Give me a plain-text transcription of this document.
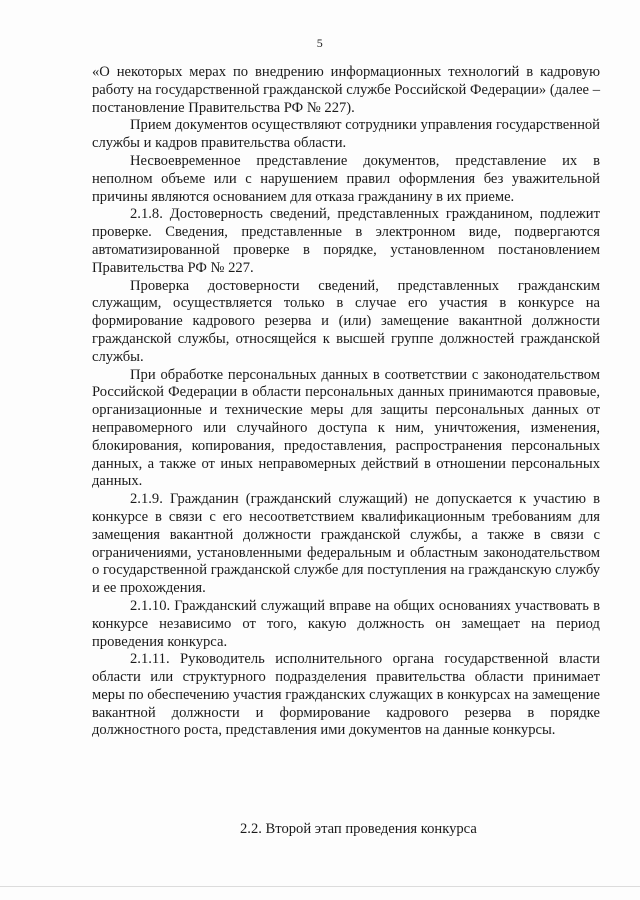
5

«О некоторых мерах по внедрению информационных технологий в кадровую работу на государственной гражданской службе Российской Федерации» (далее – постановление Правительства РФ № 227).

Прием документов осуществляют сотрудники управления государственной службы и кадров правительства области.

Несвоевременное представление документов, представление их в неполном объеме или с нарушением правил оформления без уважительной причины являются основанием для отказа гражданину в их приеме.

2.1.8. Достоверность сведений, представленных гражданином, подлежит проверке. Сведения, представленные в электронном виде, подвергаются автоматизированной проверке в порядке, установленном постановлением Правительства РФ № 227.

Проверка достоверности сведений, представленных гражданским служащим, осуществляется только в случае его участия в конкурсе на формирование кадрового резерва и (или) замещение вакантной должности гражданской службы, относящейся к высшей группе должностей гражданской службы.

При обработке персональных данных в соответствии с законодательством Российской Федерации в области персональных данных принимаются правовые, организационные и технические меры для защиты персональных данных от неправомерного или случайного доступа к ним, уничтожения, изменения, блокирования, копирования, предоставления, распространения персональных данных, а также от иных неправомерных действий в отношении персональных данных.

2.1.9. Гражданин (гражданский служащий) не допускается к участию в конкурсе в связи с его несоответствием квалификационным требованиям для замещения вакантной должности гражданской службы, а также в связи с ограничениями, установленными федеральным и областным законодательством о государственной гражданской службе для поступления на гражданскую службу и ее прохождения.

2.1.10. Гражданский служащий вправе на общих основаниях участвовать в конкурсе независимо от того, какую должность он замещает на период проведения конкурса.

2.1.11. Руководитель исполнительного органа государственной власти области или структурного подразделения правительства области принимает меры по обеспечению участия гражданских служащих в конкурсах на замещение вакантной должности и формирование кадрового резерва в порядке должностного роста, представления ими документов на данные конкурсы.

2.2. Второй этап проведения конкурса
